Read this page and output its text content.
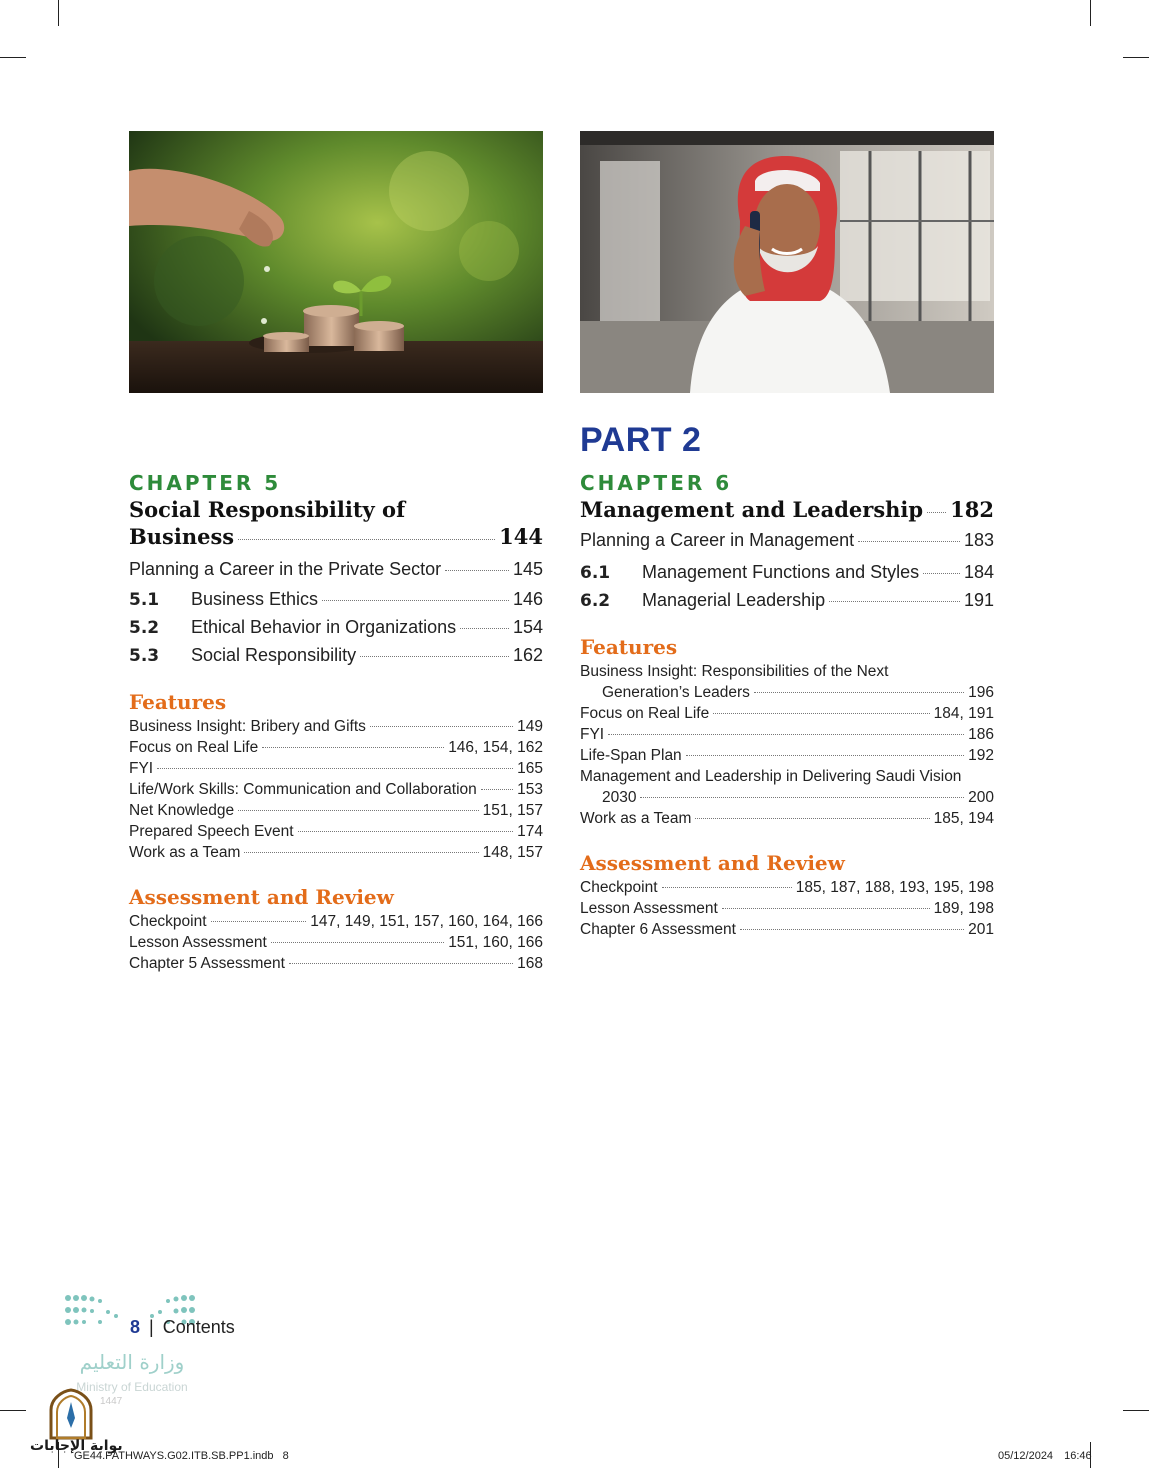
CHAPTER 5
Social Responsibility of
Business	144
Planning a Career in the Private Sector	145
5.1	Business Ethics	146
5.2	Ethical Behavior in Organizations	154
5.3	Social Responsibility	162
Features
Business Insight: Bribery and Gifts	149
Focus on Real Life	146, 154, 162
FYI	165
Life/Work Skills: Communication and Collaboration	153
Net Knowledge	151, 157
Prepared Speech Event	174
Work as a Team	148, 157
Assessment and Review
Checkpoint	147, 149, 151, 157, 160, 164, 166
Lesson Assessment	151, 160, 166
Chapter 5 Assessment	168
PART 2
CHAPTER 6
Management and Leadership 182
Planning a Career in Management	183
6.1	Management Functions and Styles 184
6.2	Managerial Leadership	191
Features
Business Insight: Responsibilities of the Next
Generation’s Leaders	196
Focus on Real Life	184, 191
FYI	186
Life-Span Plan	192
Management and Leadership in Delivering Saudi Vision
2030	200
Work as a Team	185, 194
Assessment and Review
Checkpoint	185, 187, 188, 193, 195, 198
Lesson Assessment	189, 198
Chapter 6 Assessment	201
8 | Contents
وزارة التعليم
Ministry of Education
1447
بوابة الإجابات
GE44.PATHWAYS.G02.ITB.SB.PP1.indb 8	05/12/2024 16:46
